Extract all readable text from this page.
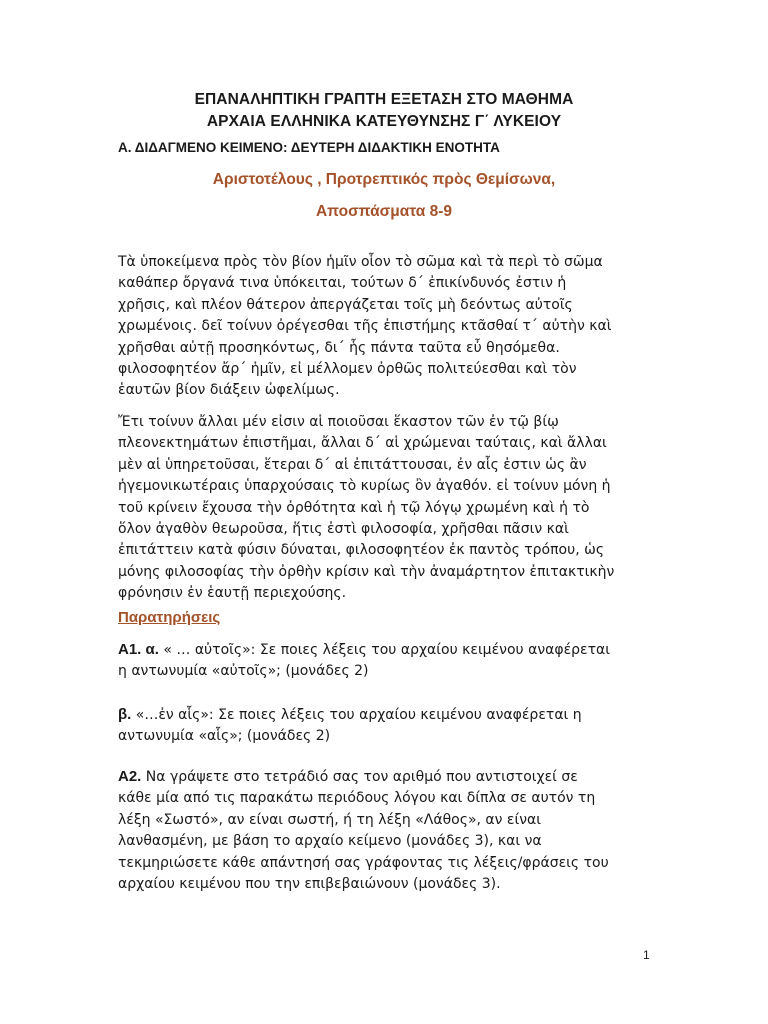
ΕΠΑΝΑΛΗΠΤΙΚΗ ΓΡΑΠΤΗ ΕΞΕΤΑΣΗ ΣΤΟ ΜΑΘΗΜΑ
ΑΡΧΑΙΑ ΕΛΛΗΝΙΚΑ ΚΑΤΕΥΘΥΝΣΗΣ Γ΄ ΛΥΚΕΙΟΥ
Α. ΔΙΔΑΓΜΕΝΟ ΚΕΙΜΕΝΟ: ΔΕΥΤΕΡΗ ΔΙΔΑΚΤΙΚΗ ΕΝΟΤΗΤΑ
Αριστοτέλους , Προτρεπτικός πρὸς Θεμίσωνα,
Αποσπάσματα 8-9
Τὰ ὑποκείμενα πρὸς τὸν βίον ἡμῖν οἷον τὸ σῶμα καὶ τὰ περὶ τὸ σῶμα
καθάπερ ὄργανά τινα ὑπόκειται, τούτων δ΄ ἐπικίνδυνός ἐστιν ἡ
χρῆσις, καὶ πλέον θάτερον ἀπεργάζεται τοῖς μὴ δεόντως αὐτοῖς
χρωμένοις. δεῖ τοίνυν ὀρέγεσθαι τῆς ἐπιστήμης κτᾶσθαί τ΄ αὐτὴν καὶ
χρῆσθαι αὐτῇ προσηκόντως, δι΄ ἧς πάντα ταῦτα εὖ θησόμεθα.
φιλοσοφητέον ἄρ΄ ἡμῖν, εἰ μέλλομεν ὀρθῶς πολιτεύεσθαι καὶ τὸν
ἑαυτῶν βίον διάξειν ὠφελίμως.
Ἔτι τοίνυν ἄλλαι μέν εἰσιν αἱ ποιοῦσαι ἕκαστον τῶν ἐν τῷ βίῳ
πλεονεκτημάτων ἐπιστῆμαι, ἄλλαι δ΄ αἱ χρώμεναι ταύταις, καὶ ἄλλαι
μὲν αἱ ὑπηρετοῦσαι, ἕτεραι δ΄ αἱ ἐπιτάττουσαι, ἐν αἷς ἐστιν ὡς ἂν
ἡγεμονικωτέραις ὑπαρχούσαις τὸ κυρίως ὂν ἀγαθόν. εἰ τοίνυν μόνη ἡ
τοῦ κρίνειν ἔχουσα τὴν ὀρθότητα καὶ ἡ τῷ λόγῳ χρωμένη καὶ ἡ τὸ
ὅλον ἀγαθὸν θεωροῦσα, ἥτις ἐστὶ φιλοσοφία, χρῆσθαι πᾶσιν καὶ
ἐπιτάττειν κατὰ φύσιν δύναται, φιλοσοφητέον ἐκ παντὸς τρόπου, ὡς
μόνης φιλοσοφίας τὴν ὀρθὴν κρίσιν καὶ τὴν ἀναμάρτητον ἐπιτακτικὴν
φρόνησιν ἐν ἑαυτῇ περιεχούσης.
Παρατηρήσεις
Α1. α. « … αὐτοῖς»: Σε ποιες λέξεις του αρχαίου κειμένου αναφέρεται
η αντωνυμία «αὐτοῖς»; (μονάδες 2)
β. «…ἐν αἷς»: Σε ποιες λέξεις του αρχαίου κειμένου αναφέρεται η
αντωνυμία «αἷς»; (μονάδες 2)
Α2. Να γράψετε στο τετράδιό σας τον αριθμό που αντιστοιχεί σε
κάθε μία από τις παρακάτω περιόδους λόγου και δίπλα σε αυτόν τη
λέξη «Σωστό», αν είναι σωστή, ή τη λέξη «Λάθος», αν είναι
λανθασμένη, με βάση το αρχαίο κείμενο (μονάδες 3), και να
τεκμηριώσετε κάθε απάντησή σας γράφοντας τις λέξεις/φράσεις του
αρχαίου κειμένου που την επιβεβαιώνουν (μονάδες 3).
1
